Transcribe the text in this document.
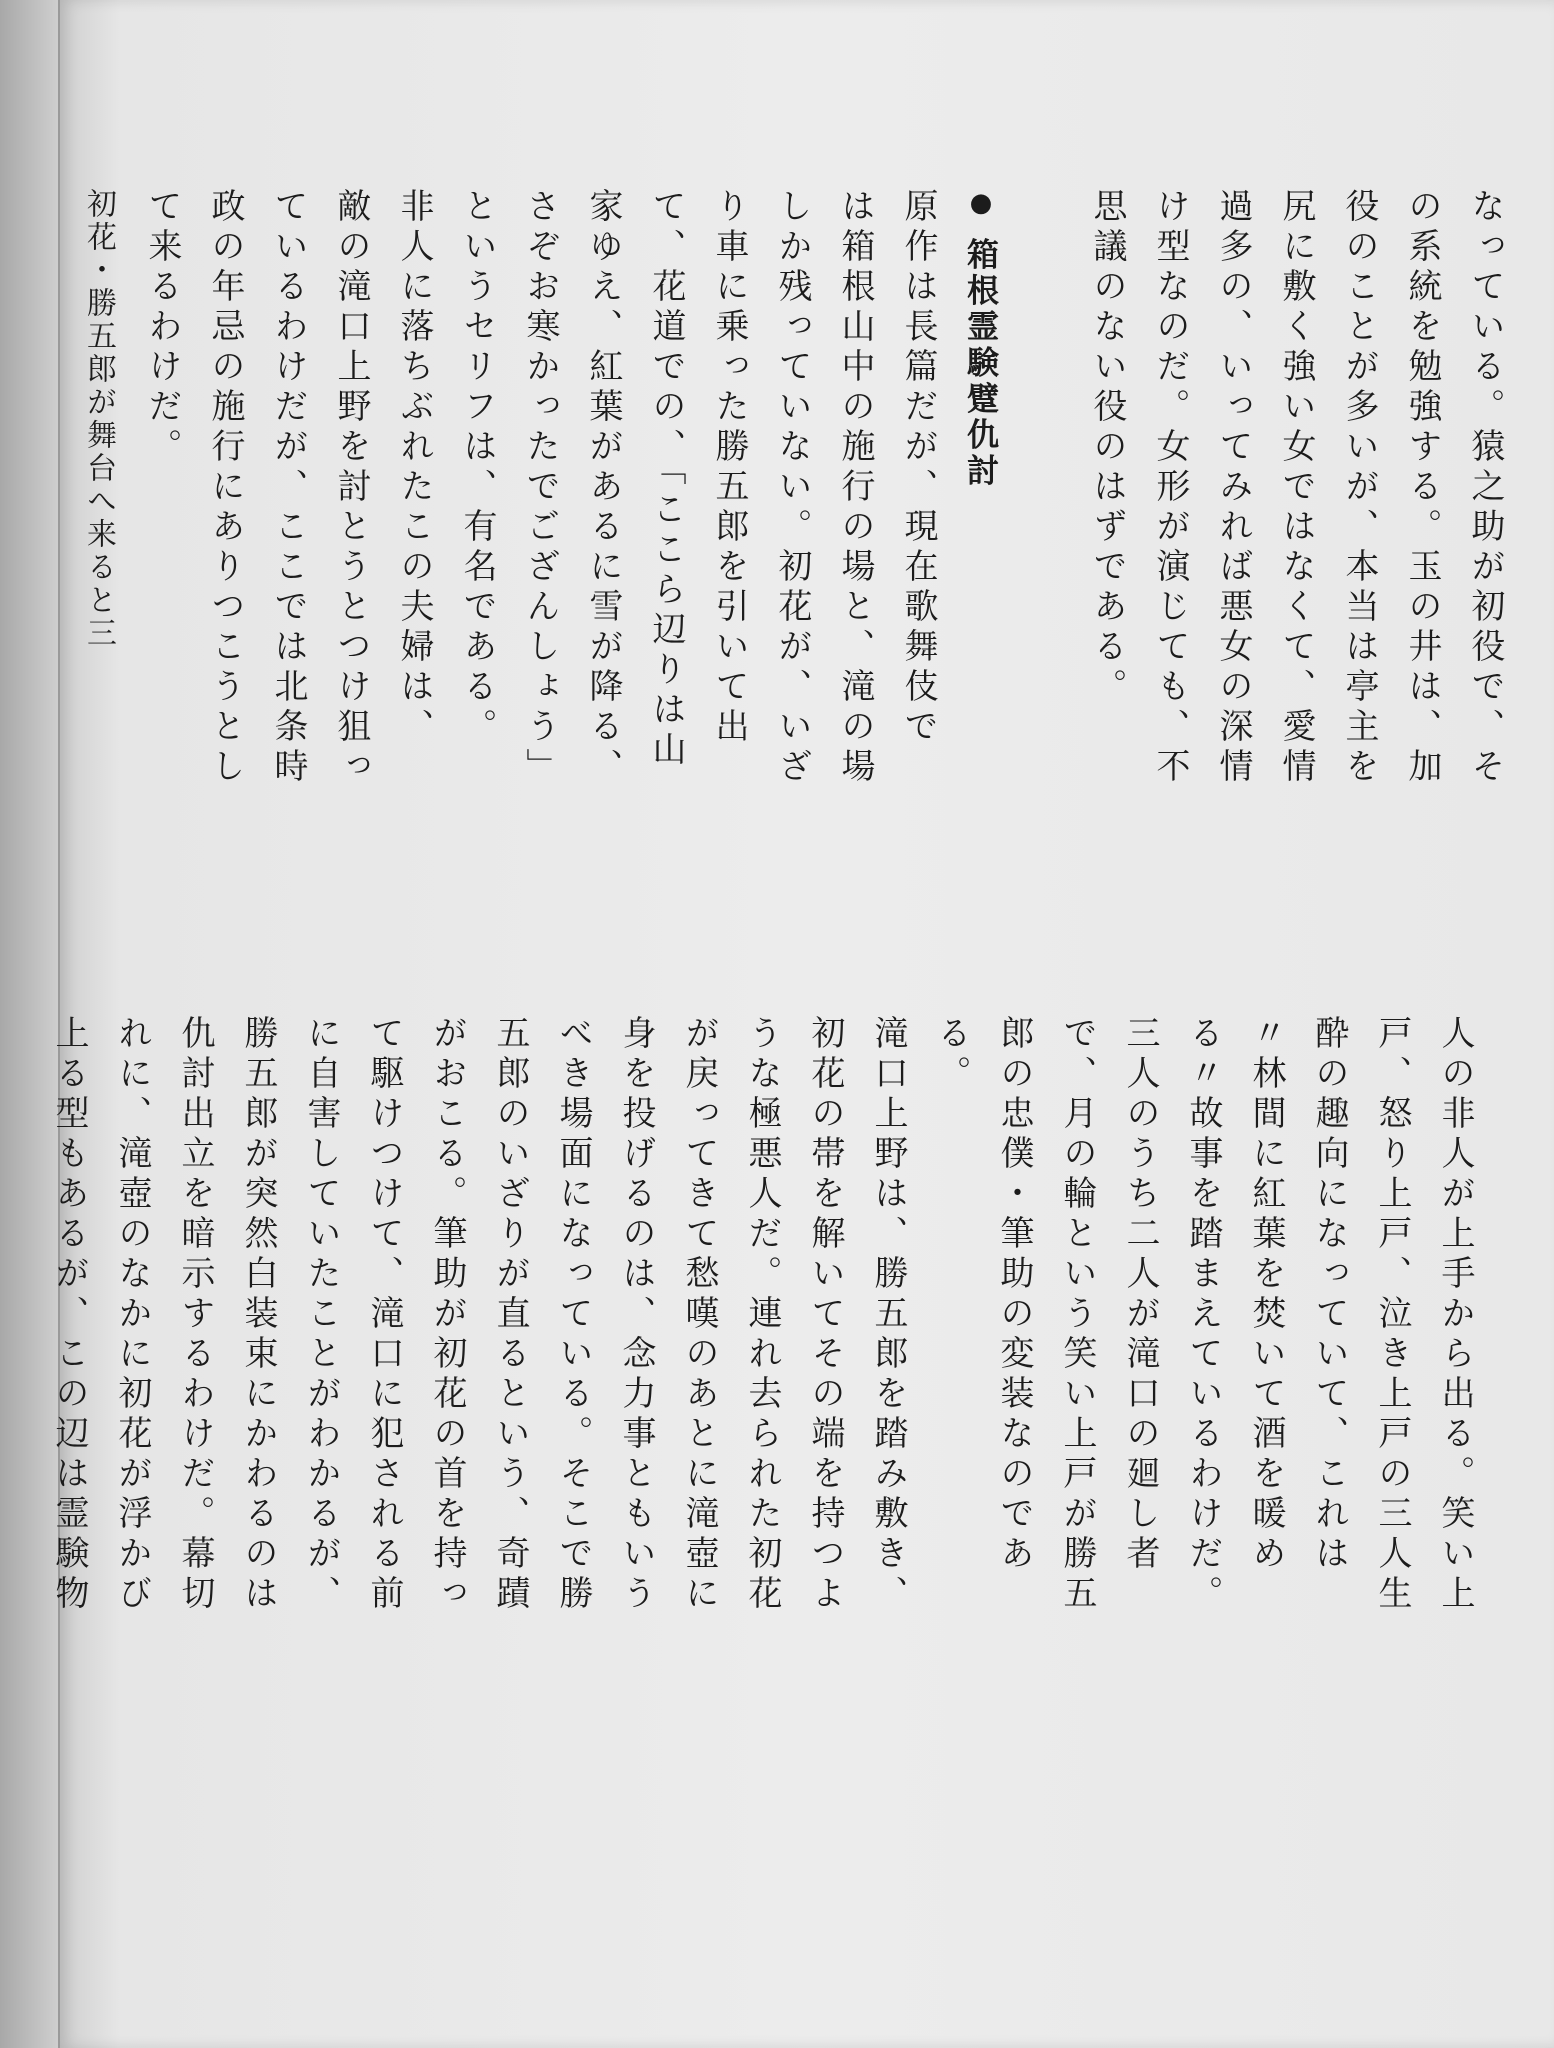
なっている。猿之助が初役で、そ

の系統を勉強する。玉の井は、加

役のことが多いが、本当は亭主を

尻に敷く強い女ではなくて、愛情

過多の、いってみれば悪女の深情

け型なのだ。女形が演じても、不

思議のない役のはずである。

● 箱根霊験躄仇討

原作は長篇だが、現在歌舞伎で

は箱根山中の施行の場と、滝の場

しか残っていない。初花が、いざ

り車に乗った勝五郎を引いて出

て、花道での、「ここら辺りは山

家ゆえ、紅葉があるに雪が降る、

さぞお寒かったでござんしょう」

というセリフは、有名である。

非人に落ちぶれたこの夫婦は、

敵の滝口上野を討とうとつけ狙っ

ているわけだが、ここでは北条時

政の年忌の施行にありつこうとし

て来るわけだ。

初花・勝五郎が舞台へ来ると三

人の非人が上手から出る。笑い上

戸、怒り上戸、泣き上戸の三人生

酔の趣向になっていて、これは

〃林間に紅葉を焚いて酒を暖め

る〃故事を踏まえているわけだ。

三人のうち二人が滝口の廻し者

で、月の輪という笑い上戸が勝五

郎の忠僕・筆助の変装なのであ

る。

滝口上野は、勝五郎を踏み敷き、

初花の帯を解いてその端を持つよ

うな極悪人だ。連れ去られた初花

が戻ってきて愁嘆のあとに滝壺に

身を投げるのは、念力事ともいう

べき場面になっている。そこで勝

五郎のいざりが直るという、奇蹟

がおこる。筆助が初花の首を持っ

て駆けつけて、滝口に犯される前

に自害していたことがわかるが、

勝五郎が突然白装束にかわるのは

仇討出立を暗示するわけだ。幕切

れに、滝壺のなかに初花が浮かび

上る型もあるが、この辺は霊験物
